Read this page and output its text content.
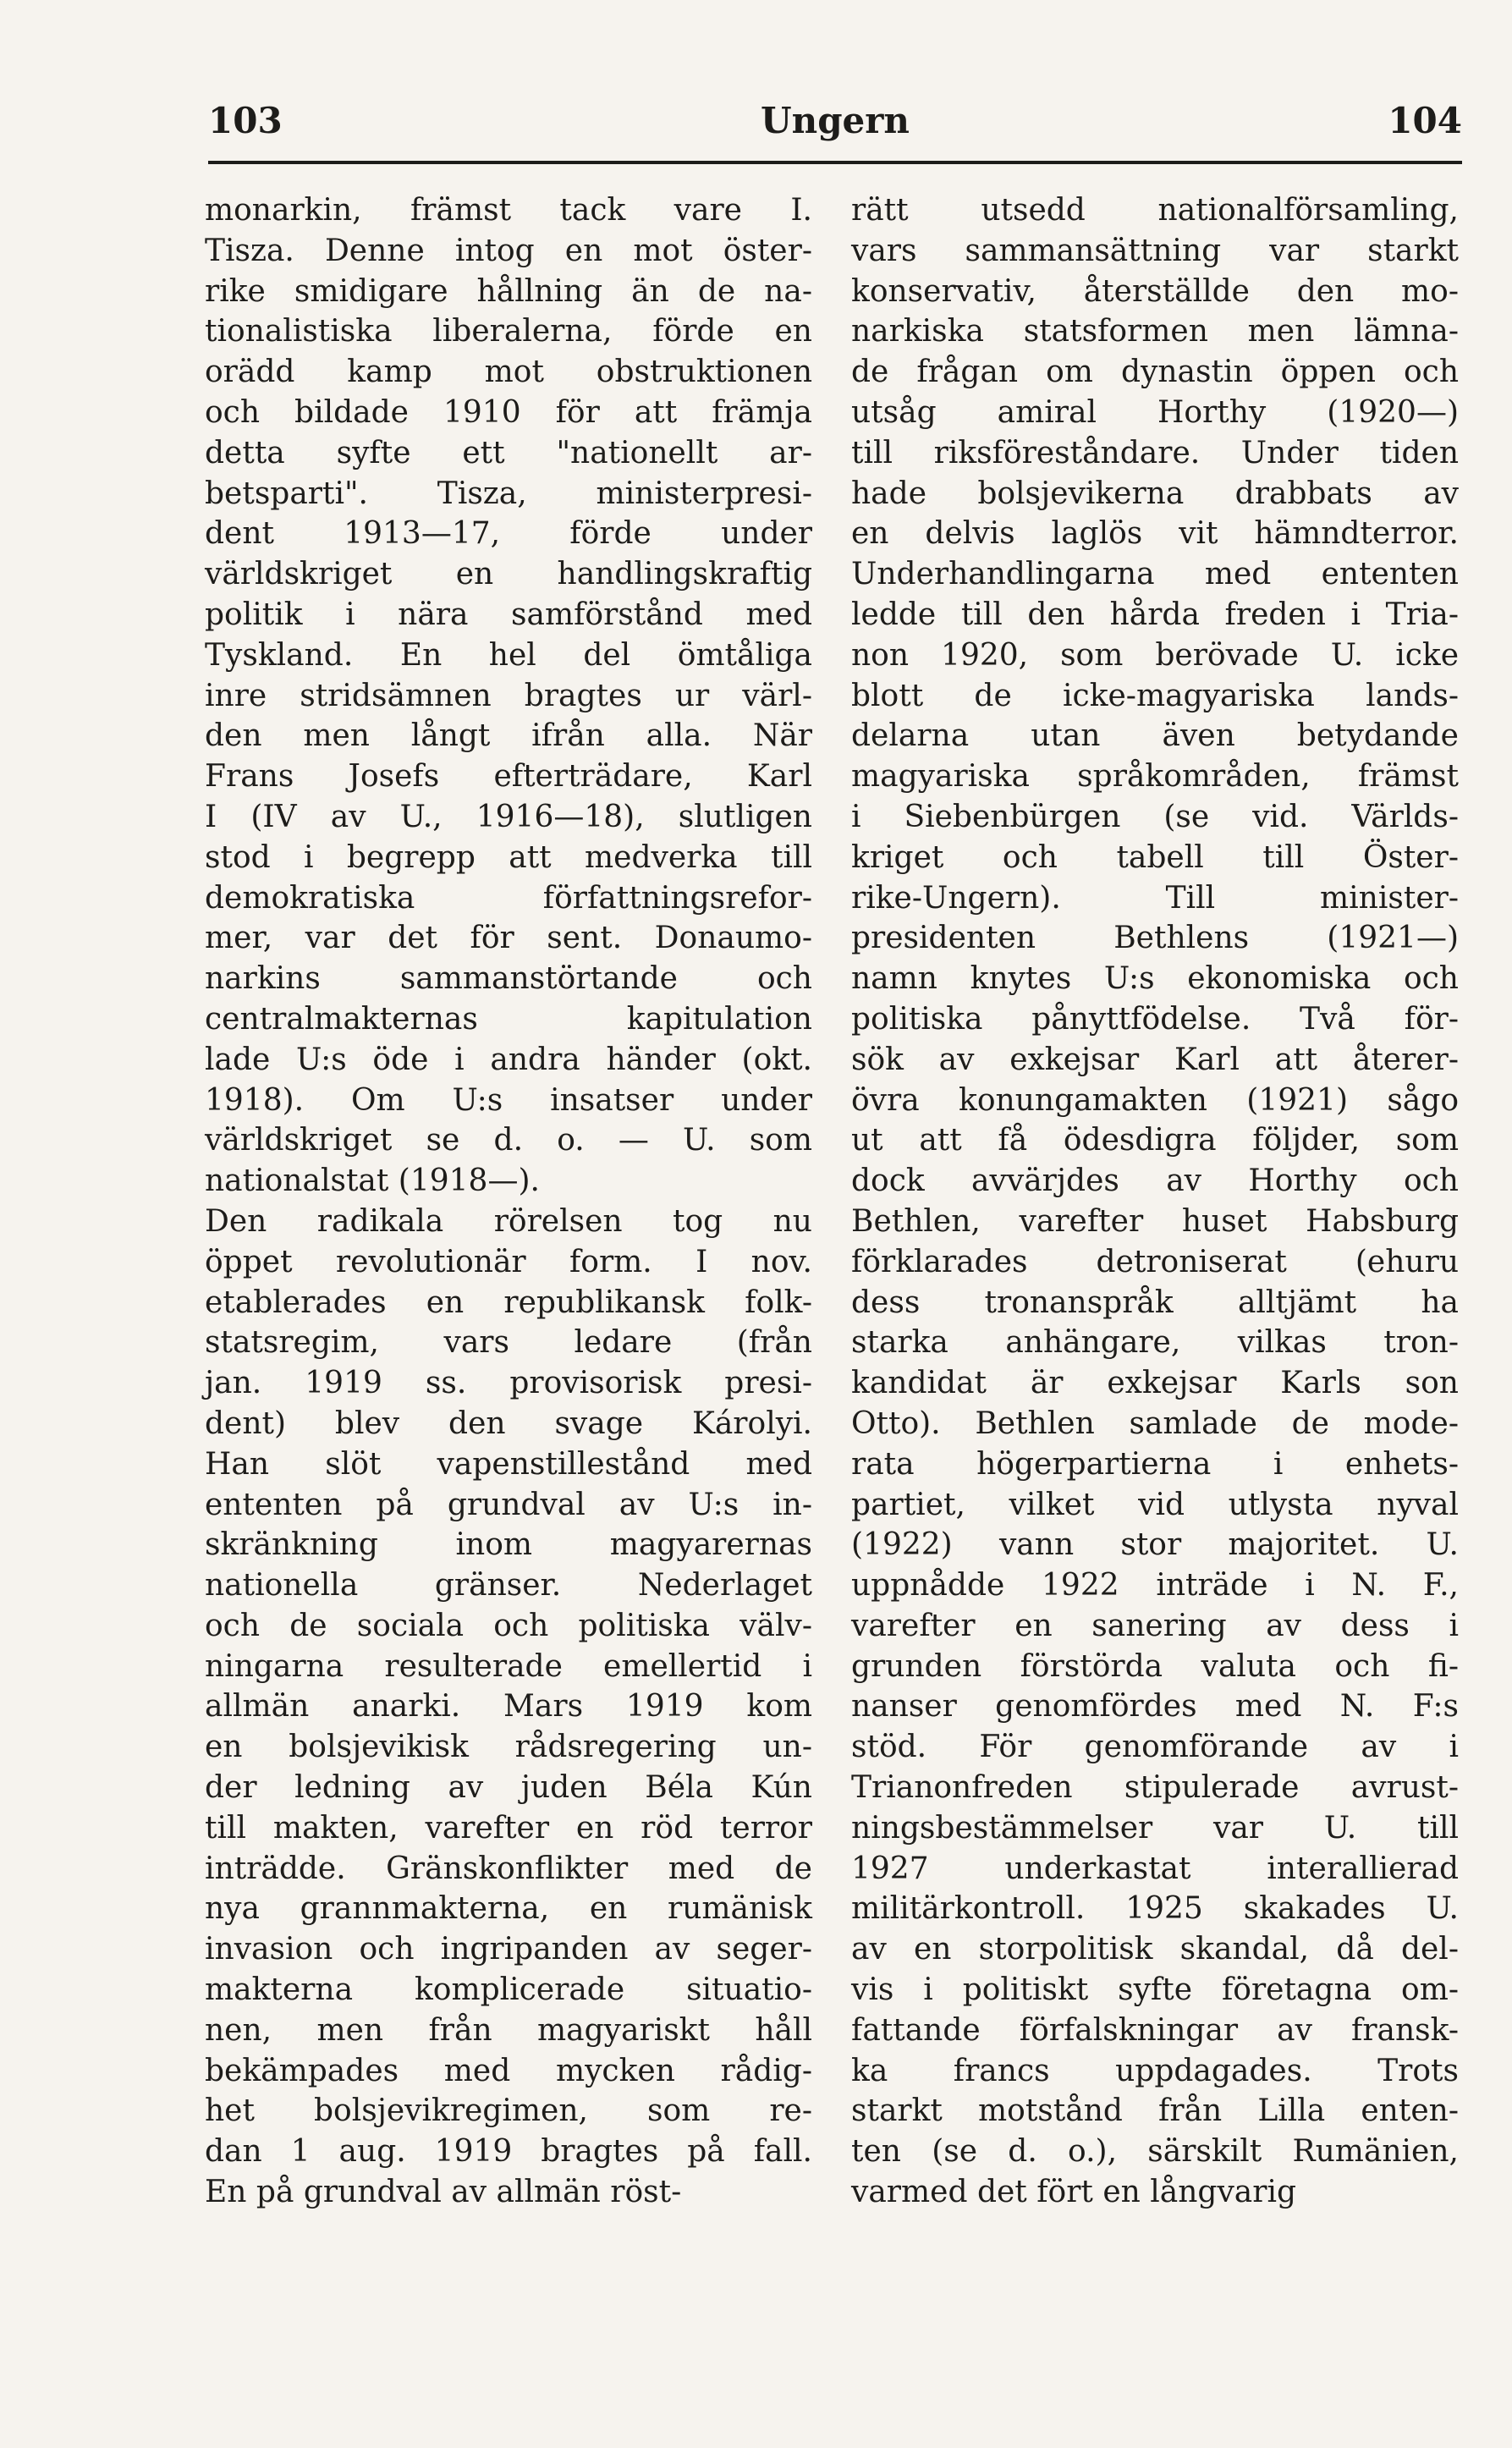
103	Ungern	104
monarkin, främst tack vare I.
Tisza. Denne intog en mot öster-
rike smidigare hållning än de na-
tionalistiska liberalerna, förde en
orädd kamp mot obstruktionen
och bildade 1910 för att främja
detta syfte ett "nationellt ar-
betsparti". Tisza, ministerpresi-
dent 1913—17, förde under
världskriget en handlingskraftig
politik i nära samförstånd med
Tyskland. En hel del ömtåliga
inre stridsämnen bragtes ur värl-
den men långt ifrån alla. När
Frans Josefs efterträdare, Karl
I (IV av U., 1916—18), slutligen
stod i begrepp att medverka till
demokratiska författningsrefor-
mer, var det för sent. Donaumo-
narkins sammanstörtande och
centralmakternas kapitulation
lade U:s öde i andra händer (okt.
1918). Om U:s insatser under
världskriget se d. o. — U. som
nationalstat (1918—).
Den radikala rörelsen tog nu
öppet revolutionär form. I nov.
etablerades en republikansk folk-
statsregim, vars ledare (från
jan. 1919 ss. provisorisk presi-
dent) blev den svage Károlyi.
Han slöt vapenstillestånd med
ententen på grundval av U:s in-
skränkning inom magyarernas
nationella gränser. Nederlaget
och de sociala och politiska välv-
ningarna resulterade emellertid i
allmän anarki. Mars 1919 kom
en bolsjevikisk rådsregering un-
der ledning av juden Béla Kún
till makten, varefter en röd terror
inträdde. Gränskonflikter med de
nya grannmakterna, en rumänisk
invasion och ingripanden av seger-
makterna komplicerade situatio-
nen, men från magyariskt håll
bekämpades med mycken rådig-
het bolsjevikregimen, som re-
dan 1 aug. 1919 bragtes på fall.
En på grundval av allmän röst-
rätt utsedd nationalförsamling,
vars sammansättning var starkt
konservativ, återställde den mo-
narkiska statsformen men lämna-
de frågan om dynastin öppen och
utsåg amiral Horthy (1920—)
till riksföreståndare. Under tiden
hade bolsjevikerna drabbats av
en delvis laglös vit hämndterror.
Underhandlingarna med ententen
ledde till den hårda freden i Tria-
non 1920, som berövade U. icke
blott de icke-magyariska lands-
delarna utan även betydande
magyariska språkområden, främst
i Siebenbürgen (se vid. Världs-
kriget och tabell till Öster-
rike-Ungern). Till minister-
presidenten Bethlens (1921—)
namn knytes U:s ekonomiska och
politiska pånyttfödelse. Två för-
sök av exkejsar Karl att återer-
övra konungamakten (1921) sågo
ut att få ödesdigra följder, som
dock avvärjdes av Horthy och
Bethlen, varefter huset Habsburg
förklarades detroniserat (ehuru
dess tronanspråk alltjämt ha
starka anhängare, vilkas tron-
kandidat är exkejsar Karls son
Otto). Bethlen samlade de mode-
rata högerpartierna i enhets-
partiet, vilket vid utlysta nyval
(1922) vann stor majoritet. U.
uppnådde 1922 inträde i N. F.,
varefter en sanering av dess i
grunden förstörda valuta och fi-
nanser genomfördes med N. F:s
stöd. För genomförande av i
Trianonfreden stipulerade avrust-
ningsbestämmelser var U. till
1927 underkastat interallierad
militärkontroll. 1925 skakades U.
av en storpolitisk skandal, då del-
vis i politiskt syfte företagna om-
fattande förfalskningar av fransk-
ka francs uppdagades. Trots
starkt motstånd från Lilla enten-
ten (se d. o.), särskilt Rumänien,
varmed det fört en långvarig
